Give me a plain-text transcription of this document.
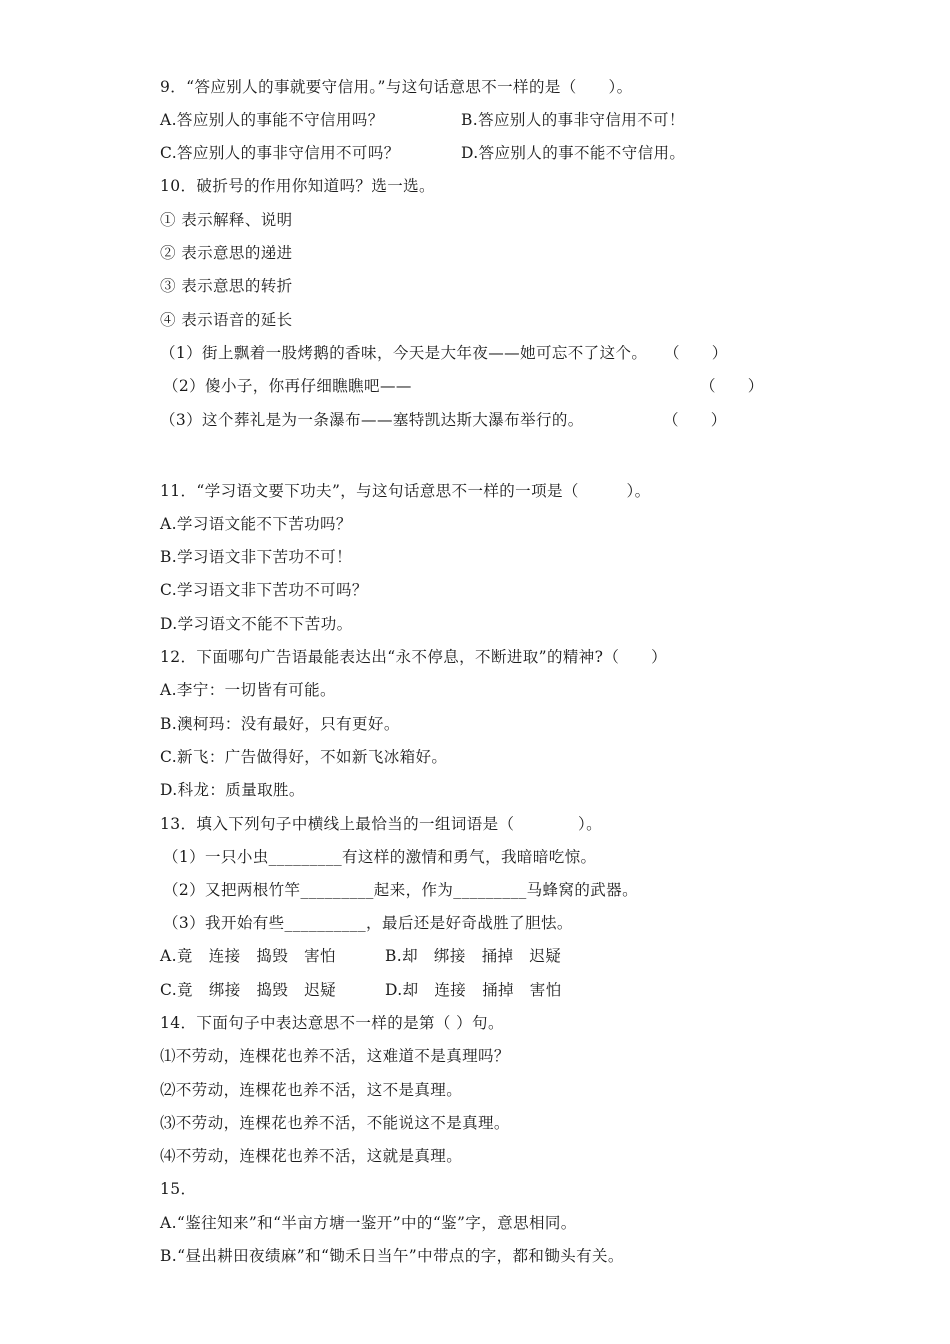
9．“答应别人的事就要守信用。”与这句话意思不一样的是（　　）。
A.答应别人的事能不守信用吗？	B.答应别人的事非守信用不可！
C.答应别人的事非守信用不可吗？	D.答应别人的事不能不守信用。
10．破折号的作用你知道吗？选一选。
① 表示解释、说明
② 表示意思的递进
③ 表示意思的转折
④ 表示语音的延长
（1）街上飘着一股烤鹅的香味，今天是大年夜——她可忘不了这个。 （　　）
（2）傻小子，你再仔细瞧瞧吧——	（　　）
（3）这个葬礼是为一条瀑布——塞特凯达斯大瀑布举行的。	（　　）
11．“学习语文要下功夫”，与这句话意思不一样的一项是（　　　）。
A.学习语文能不下苦功吗？
B.学习语文非下苦功不可！
C.学习语文非下苦功不可吗？
D.学习语文不能不下苦功。
12．下面哪句广告语最能表达出“永不停息，不断进取”的精神?（　　）
A.李宁：一切皆有可能。
B.澳柯玛：没有最好，只有更好。
C.新飞：广告做得好，不如新飞冰箱好。
D.科龙：质量取胜。
13．填入下列句子中横线上最恰当的一组词语是（　　　　）。
（1）一只小虫_________有这样的激情和勇气，我暗暗吃惊。
（2）又把两根竹竿_________起来，作为_________马蜂窝的武器。
（3）我开始有些__________，最后还是好奇战胜了胆怯。
A.竟　连接　捣毁　害怕	B.却　绑接　捅掉　迟疑
C.竟　绑接　捣毁　迟疑	D.却　连接　捅掉　害怕
14．下面句子中表达意思不一样的是第（ ）句。
⑴不劳动，连棵花也养不活，这难道不是真理吗？
⑵不劳动，连棵花也养不活，这不是真理。
⑶不劳动，连棵花也养不活，不能说这不是真理。
⑷不劳动，连棵花也养不活，这就是真理。
15．
A.“鉴往知来”和“半亩方塘一鉴开”中的“鉴”字，意思相同。
B.“昼出耕田夜绩麻”和“锄禾日当午”中带点的字，都和锄头有关。
